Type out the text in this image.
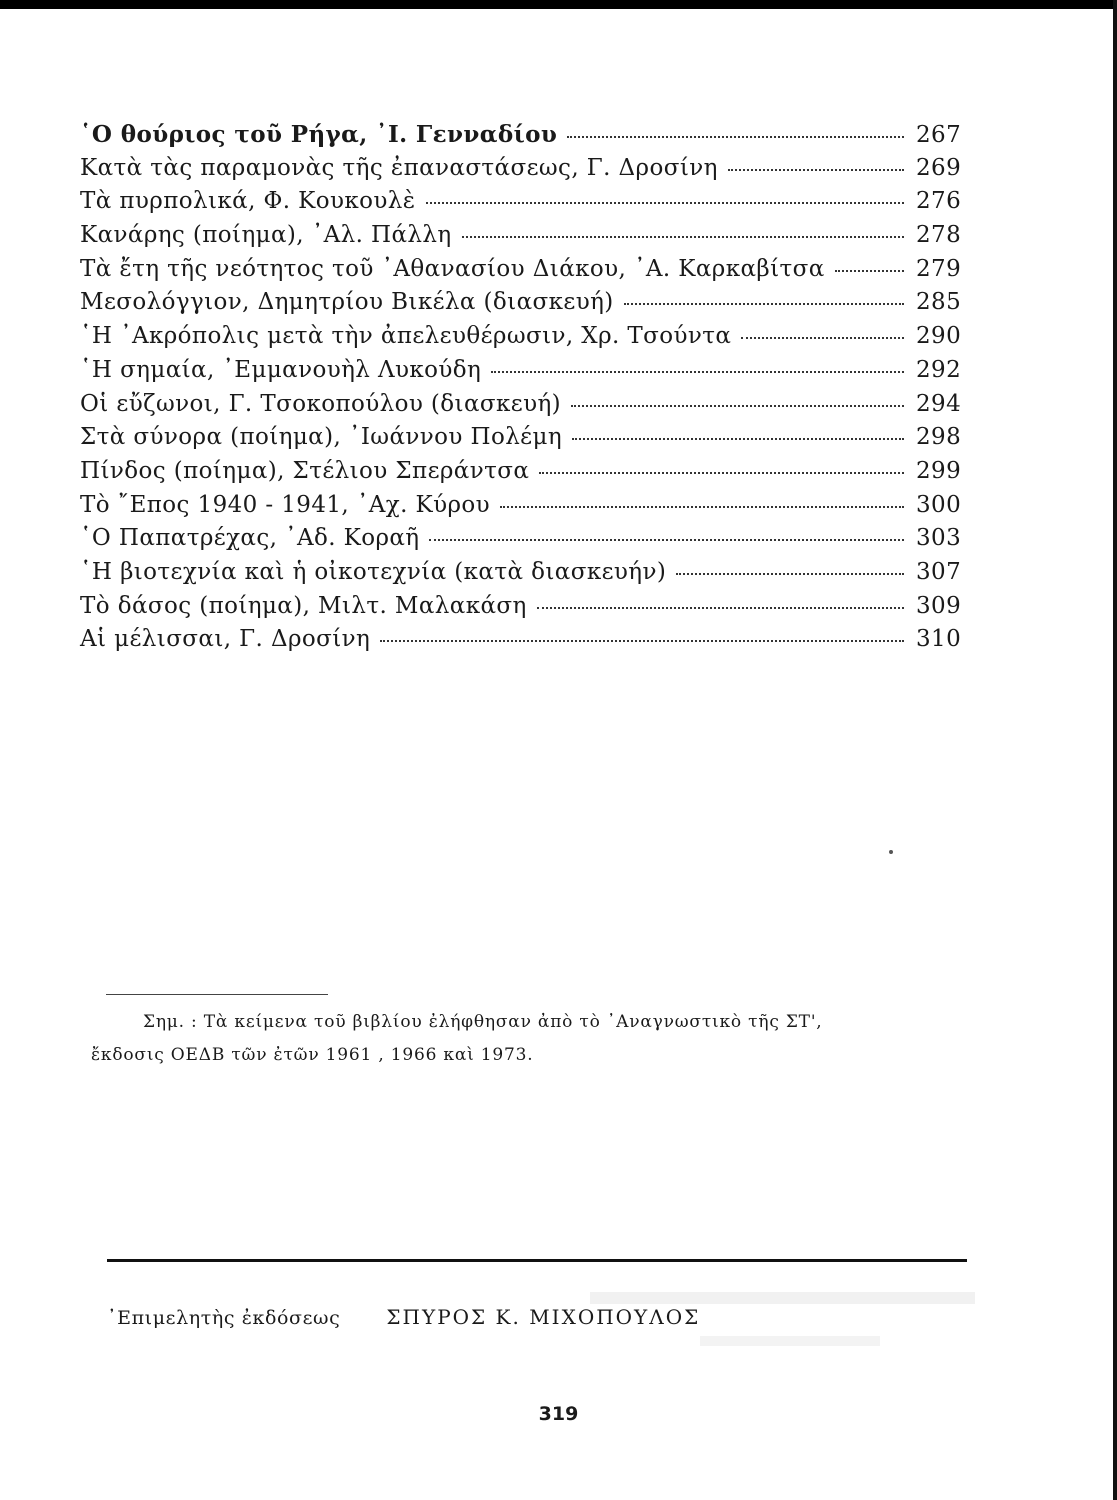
῾Ο θούριος τοῦ Ρήγα, ᾿Ι. Γενναδίου	267
Κατὰ τὰς παραμονὰς τῆς ἐπαναστάσεως, Γ. Δροσίνη	269
Τὰ πυρπολικά, Φ. Κουκουλὲ	276
Κανάρης (ποίημα), ᾿Αλ. Πάλλη	278
Τὰ ἔτη τῆς νεότητος τοῦ ᾿Αθανασίου Διάκου, ᾿Α. Καρκαβίτσα	279
Μεσολόγγιον, Δημητρίου Βικέλα (διασκευή)	285
῾Η ᾿Ακρόπολις μετὰ τὴν ἀπελευθέρωσιν, Χρ. Τσούντα	290
῾Η σημαία, ᾿Εμμανουὴλ Λυκούδη	292
Οἱ εὔζωνοι, Γ. Τσοκοπούλου (διασκευή)	294
Στὰ σύνορα (ποίημα), ᾿Ιωάννου Πολέμη	298
Πίνδος (ποίημα), Στέλιου Σπεράντσα	299
Τὸ ῎Επος 1940 - 1941, ᾿Αχ. Κύρου	300
῾Ο Παπατρέχας, ᾿Αδ. Κοραῆ	303
῾Η βιοτεχνία καὶ ἡ οἰκοτεχνία (κατὰ διασκευήν)	307
Τὸ δάσος (ποίημα), Μιλτ. Μαλακάση	309
Αἱ μέλισσαι, Γ. Δροσίνη	310
Σημ. : Τὰ κείμενα τοῦ βιβλίου ἐλήφθησαν ἀπὸ τὸ ᾿Αναγνωστικὸ τῆς ΣΤ',
ἔκδοσις ΟΕΔΒ τῶν ἐτῶν 1961 , 1966 καὶ 1973.
᾿Επιμελητὴς ἐκδόσεως ΣΠΥΡΟΣ Κ. ΜΙΧΟΠΟΥΛΟΣ
319
